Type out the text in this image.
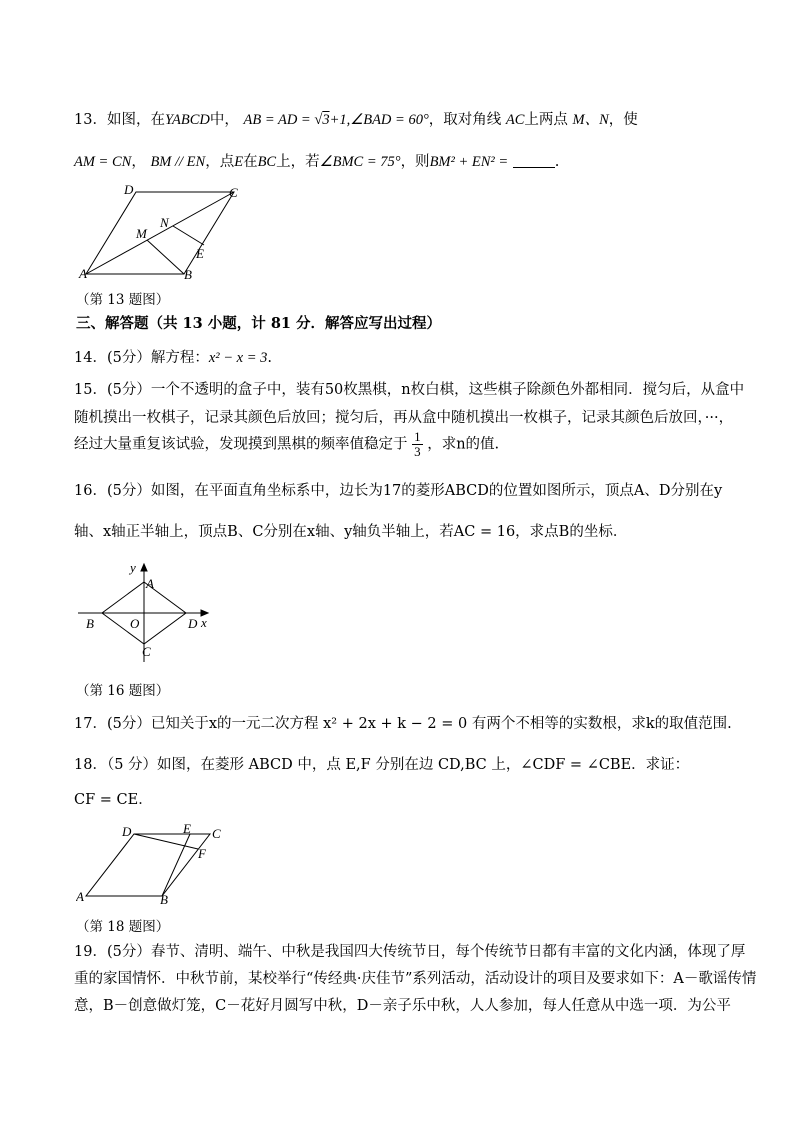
13．如图，在YABCD中， AB = AD = √3+1,∠BAD = 60°，取对角线 AC上两点 M、N，使
AM = CN， BM // EN，点E在BC上，若∠BMC = 75°，则BM² + EN² =	.
D	C
N
M
E
A	B
（第 13 题图）
三、解答题（共 13 小题，计 81 分．解答应写出过程）
14．(5分）解方程：x² − x = 3.
15．(5分）一个不透明的盒子中，装有50枚黑棋，n枚白棋，这些棋子除颜色外都相同．搅匀后，从盒中
随机摸出一枚棋子，记录其颜色后放回；搅匀后，再从盒中随机摸出一枚棋子，记录其颜色后放回，···，
经过大量重复该试验，发现摸到黑棋的频率值稳定于 $\frac{1}{3}$ ，求n的值.
16．(5分）如图，在平面直角坐标系中，边长为17的菱形ABCD的位置如图所示，顶点A、D分别在y
轴、x轴正半轴上，顶点B、C分别在x轴、y轴负半轴上，若AC = 16，求点B的坐标．
y
x
A
B	O	D
C
（第 16 题图）
17．(5分）已知关于x的一元二次方程 x² + 2x + k − 2 = 0 有两个不相等的实数根，求k的取值范围.
18．（5 分）如图，在菱形 ABCD 中，点 E,F 分别在边 CD,BC 上，∠CDF = ∠CBE．求证：
CF = CE．
D	E C
F
A	B
（第 18 题图）
19．(5分）春节、清明、端午、中秋是我国四大传统节日，每个传统节日都有丰富的文化内涵，体现了厚
重的家国情怀．中秋节前，某校举行“传经典·庆佳节”系列活动，活动设计的项目及要求如下：A－歌谣传情
意，B－创意做灯笼，C－花好月圆写中秋，D－亲子乐中秋，人人参加，每人任意从中选一项．为公平
